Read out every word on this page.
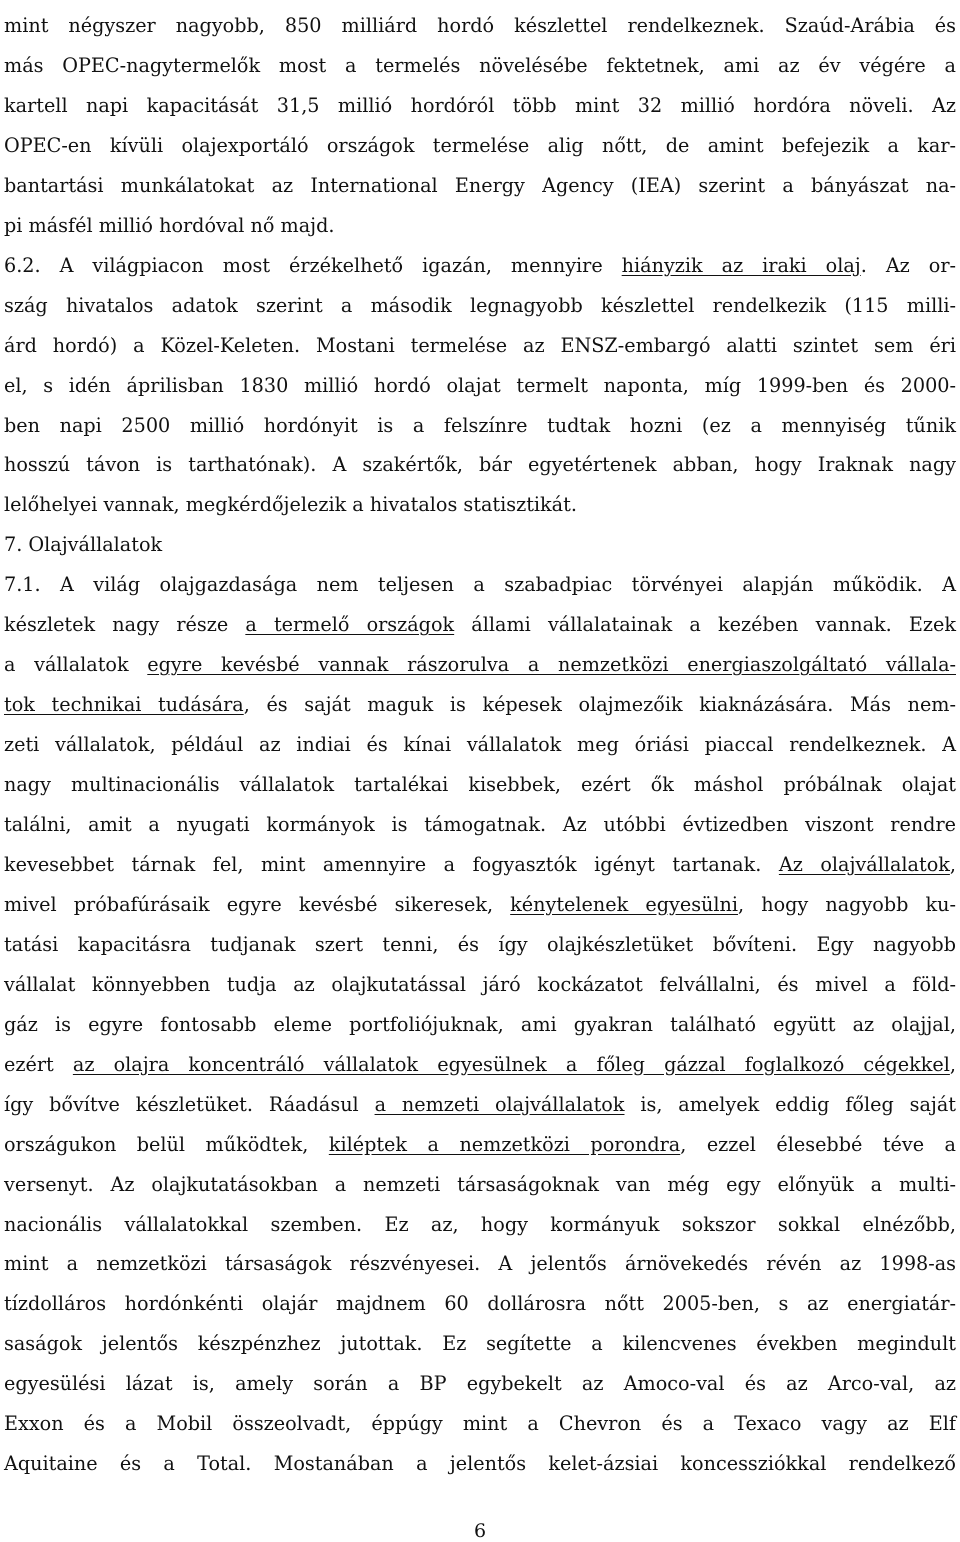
mint négyszer nagyobb, 850 milliárd hordó készlettel rendelkeznek. Szaúd-Arábia és
más OPEC-nagytermelők most a termelés növelésébe fektetnek, ami az év végére a
kartell napi kapacitását 31,5 millió hordóról több mint 32 millió hordóra növeli. Az
OPEC-en kívüli olajexportáló országok termelése alig nőtt, de amint befejezik a kar-
bantartási munkálatokat az International Energy Agency (IEA) szerint a bányászat na-
pi másfél millió hordóval nő majd.
6.2. A világpiacon most érzékelhető igazán, mennyire hiányzik az iraki olaj. Az or-
szág hivatalos adatok szerint a második legnagyobb készlettel rendelkezik (115 milli-
árd hordó) a Közel-Keleten. Mostani termelése az ENSZ-embargó alatti szintet sem éri
el, s idén áprilisban 1830 millió hordó olajat termelt naponta, míg 1999-ben és 2000-
ben napi 2500 millió hordónyit is a felszínre tudtak hozni (ez a mennyiség tűnik
hosszú távon is tarthatónak). A szakértők, bár egyetértenek abban, hogy Iraknak nagy
lelőhelyei vannak, megkérdőjelezik a hivatalos statisztikát.
7. Olajvállalatok
7.1. A világ olajgazdasága nem teljesen a szabadpiac törvényei alapján működik. A
készletek nagy része a termelő országok állami vállalatainak a kezében vannak. Ezek
a vállalatok egyre kevésbé vannak rászorulva a nemzetközi energiaszolgáltató vállala-
tok technikai tudására, és saját maguk is képesek olajmezőik kiaknázására. Más nem-
zeti vállalatok, például az indiai és kínai vállalatok meg óriási piaccal rendelkeznek. A
nagy multinacionális vállalatok tartalékai kisebbek, ezért ők máshol próbálnak olajat
találni, amit a nyugati kormányok is támogatnak. Az utóbbi évtizedben viszont rendre
kevesebbet tárnak fel, mint amennyire a fogyasztók igényt tartanak. Az olajvállalatok,
mivel próbafúrásaik egyre kevésbé sikeresek, kénytelenek egyesülni, hogy nagyobb ku-
tatási kapacitásra tudjanak szert tenni, és így olajkészletüket bővíteni. Egy nagyobb
vállalat könnyebben tudja az olajkutatással járó kockázatot felvállalni, és mivel a föld-
gáz is egyre fontosabb eleme portfoliójuknak, ami gyakran található együtt az olajjal,
ezért az olajra koncentráló vállalatok egyesülnek a főleg gázzal foglalkozó cégekkel,
így bővítve készletüket. Ráadásul a nemzeti olajvállalatok is, amelyek eddig főleg saját
országukon belül működtek, kiléptek a nemzetközi porondra, ezzel élesebbé téve a
versenyt. Az olajkutatásokban a nemzeti társaságoknak van még egy előnyük a multi-
nacionális vállalatokkal szemben. Ez az, hogy kormányuk sokszor sokkal elnézőbb,
mint a nemzetközi társaságok részvényesei. A jelentős árnövekedés révén az 1998-as
tízdolláros hordónkénti olajár majdnem 60 dollárosra nőtt 2005-ben, s az energiatár-
saságok jelentős készpénzhez jutottak. Ez segítette a kilencvenes években megindult
egyesülési lázat is, amely során a BP egybekelt az Amoco-val és az Arco-val, az
Exxon és a Mobil összeolvadt, éppúgy mint a Chevron és a Texaco vagy az Elf
Aquitaine és a Total. Mostanában a jelentős kelet-ázsiai koncessziókkal rendelkező
6
